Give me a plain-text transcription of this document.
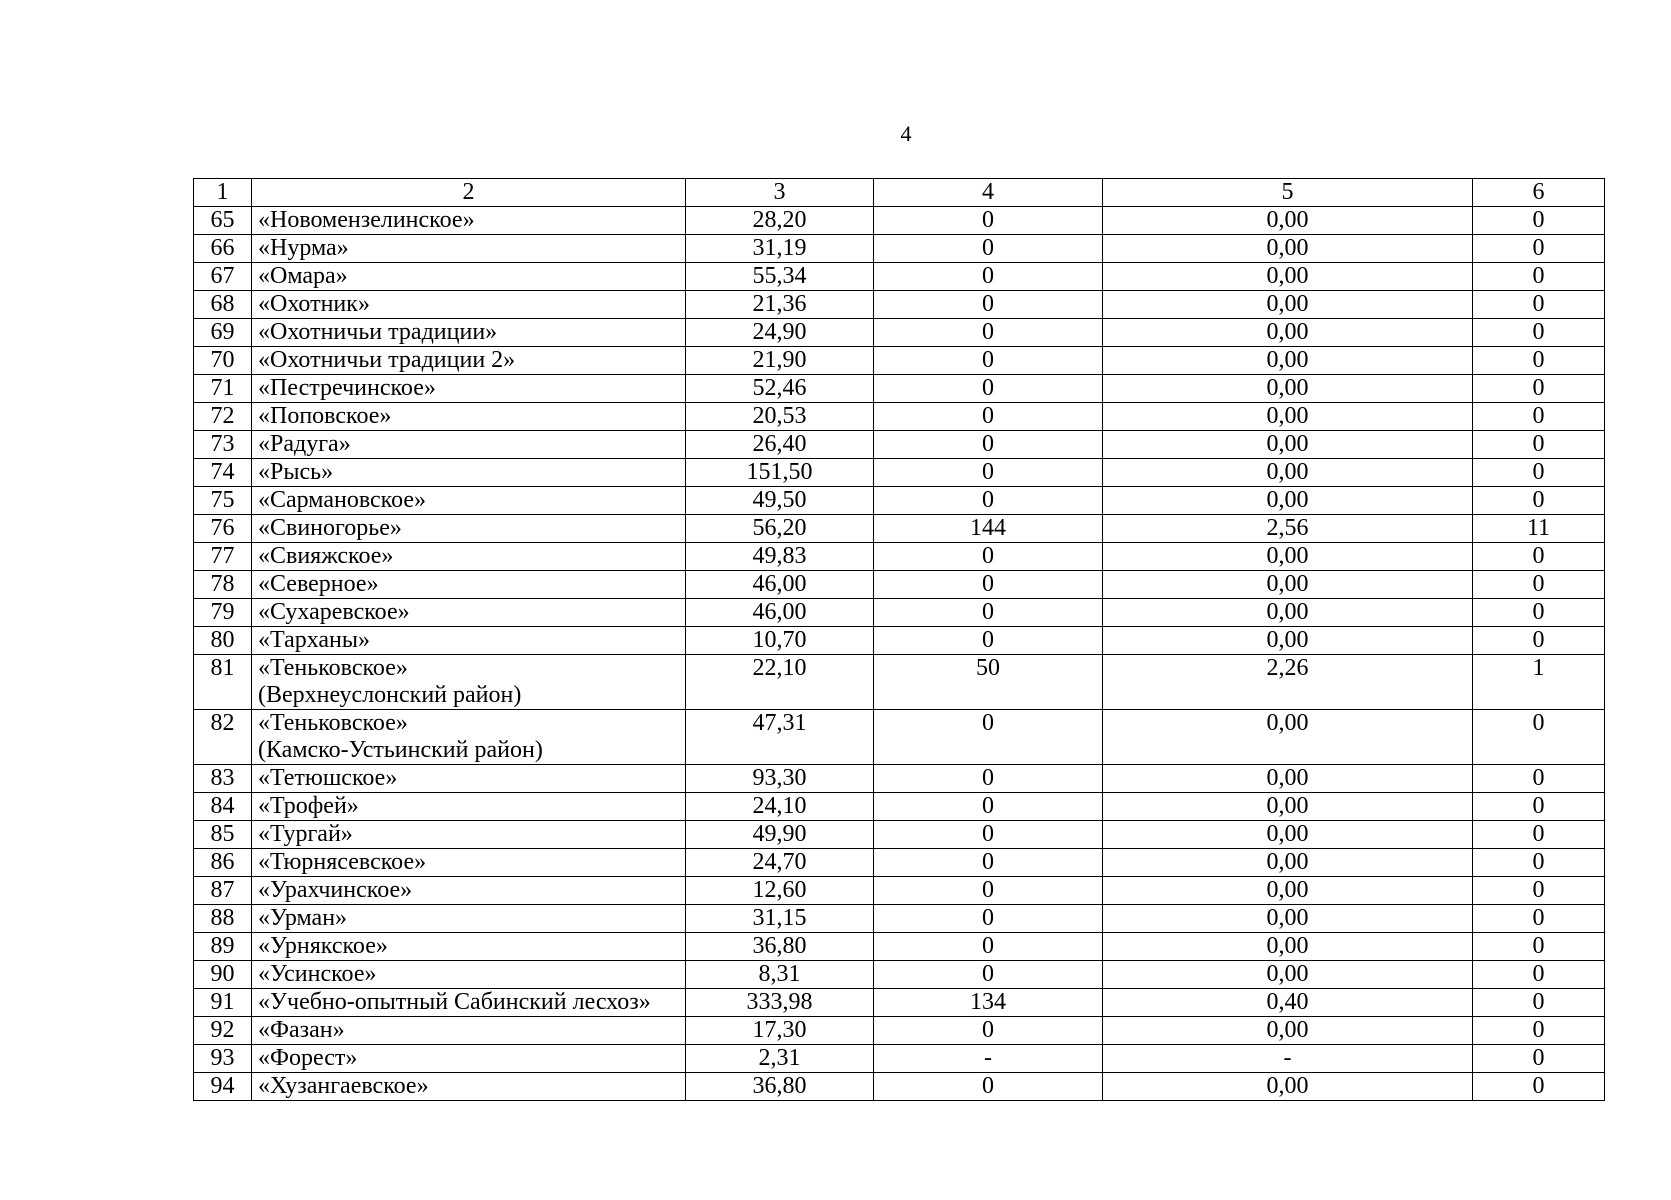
4
1	2	3	4	5	6
65	«Новомензелинское»	28,20	0	0,00	0
66	«Нурма»	31,19	0	0,00	0
67	«Омара»	55,34	0	0,00	0
68	«Охотник»	21,36	0	0,00	0
69	«Охотничьи традиции»	24,90	0	0,00	0
70	«Охотничьи традиции 2»	21,90	0	0,00	0
71	«Пестречинское»	52,46	0	0,00	0
72	«Поповское»	20,53	0	0,00	0
73	«Радуга»	26,40	0	0,00	0
74	«Рысь»	151,50	0	0,00	0
75	«Сармановское»	49,50	0	0,00	0
76	«Свиногорье»	56,20	144	2,56	11
77	«Свияжское»	49,83	0	0,00	0
78	«Северное»	46,00	0	0,00	0
79	«Сухаревское»	46,00	0	0,00	0
80	«Тарханы»	10,70	0	0,00	0
81	«Теньковское»
(Верхнеуслонский район)	22,10	50	2,26	1
82	«Теньковское»
(Камско-Устьинский район)	47,31	0	0,00	0
83	«Тетюшское»	93,30	0	0,00	0
84	«Трофей»	24,10	0	0,00	0
85	«Тургай»	49,90	0	0,00	0
86	«Тюрнясевское»	24,70	0	0,00	0
87	«Урахчинское»	12,60	0	0,00	0
88	«Урман»	31,15	0	0,00	0
89	«Урнякское»	36,80	0	0,00	0
90	«Усинское»	8,31	0	0,00	0
91	«Учебно-опытный Сабинский лесхоз»	333,98	134	0,40	0
92	«Фазан»	17,30	0	0,00	0
93	«Форест»	2,31	-	-	0
94	«Хузангаевское»	36,80	0	0,00	0
